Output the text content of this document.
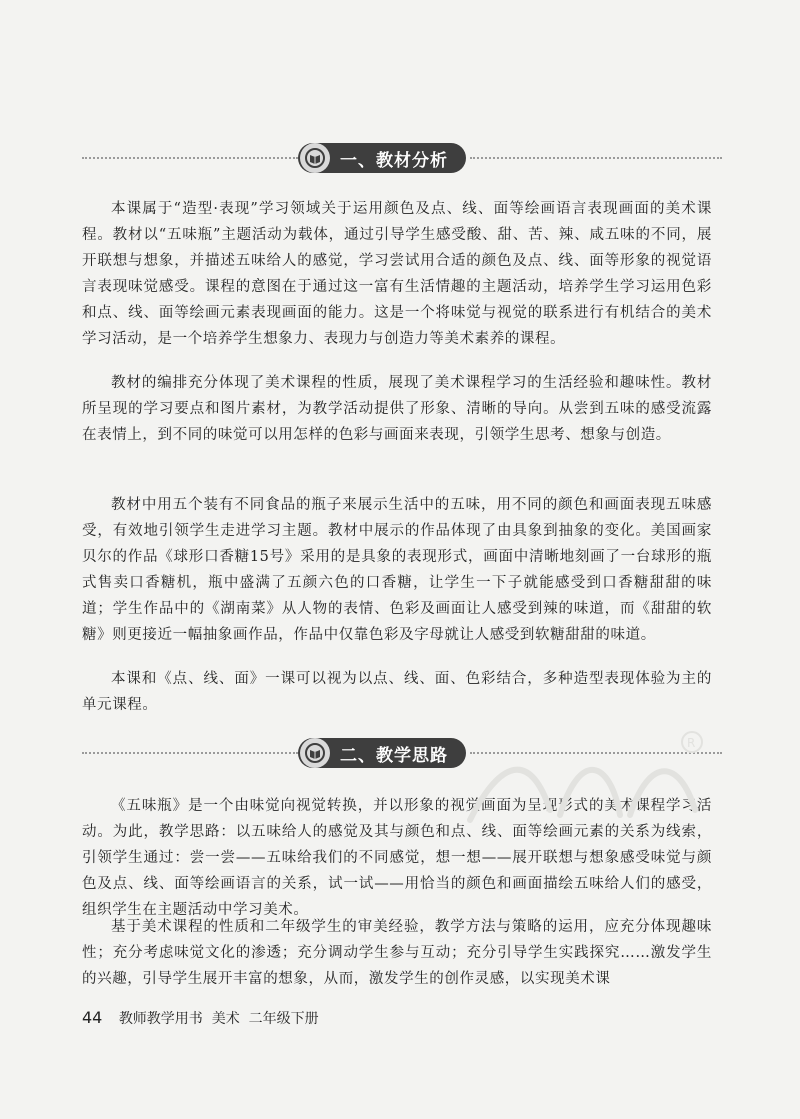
一、教材分析

本课属于“造型·表现”学习领域关于运用颜色及点、线、面等绘画语言表现画面的美术课程。教材以“五味瓶”主题活动为载体，通过引导学生感受酸、甜、苦、辣、咸五味的不同，展开联想与想象，并描述五味给人的感觉，学习尝试用合适的颜色及点、线、面等形象的视觉语言表现味觉感受。课程的意图在于通过这一富有生活情趣的主题活动，培养学生学习运用色彩和点、线、面等绘画元素表现画面的能力。这是一个将味觉与视觉的联系进行有机结合的美术学习活动，是一个培养学生想象力、表现力与创造力等美术素养的课程。

教材的编排充分体现了美术课程的性质，展现了美术课程学习的生活经验和趣味性。教材所呈现的学习要点和图片素材，为教学活动提供了形象、清晰的导向。从尝到五味的感受流露在表情上，到不同的味觉可以用怎样的色彩与画面来表现，引领学生思考、想象与创造。

教材中用五个装有不同食品的瓶子来展示生活中的五味，用不同的颜色和画面表现五味感受，有效地引领学生走进学习主题。教材中展示的作品体现了由具象到抽象的变化。美国画家贝尔的作品《球形口香糖15号》采用的是具象的表现形式，画面中清晰地刻画了一台球形的瓶式售卖口香糖机，瓶中盛满了五颜六色的口香糖，让学生一下子就能感受到口香糖甜甜的味道；学生作品中的《湖南菜》从人物的表情、色彩及画面让人感受到辣的味道，而《甜甜的软糖》则更接近一幅抽象画作品，作品中仅靠色彩及字母就让人感受到软糖甜甜的味道。

本课和《点、线、面》一课可以视为以点、线、面、色彩结合，多种造型表现体验为主的单元课程。

二、教学思路

《五味瓶》是一个由味觉向视觉转换，并以形象的视觉画面为呈现形式的美术课程学习活动。为此，教学思路：以五味给人的感觉及其与颜色和点、线、面等绘画元素的关系为线索，引领学生通过：尝一尝——五味给我们的不同感觉，想一想——展开联想与想象感受味觉与颜色及点、线、面等绘画语言的关系，试一试——用恰当的颜色和画面描绘五味给人们的感受，组织学生在主题活动中学习美术。

基于美术课程的性质和二年级学生的审美经验，教学方法与策略的运用，应充分体现趣味性；充分考虑味觉文化的渗透；充分调动学生参与互动；充分引导学生实践探究……激发学生的兴趣，引导学生展开丰富的想象，从而，激发学生的创作灵感，以实现美术课

R
44 教师教学用书  美术  二年级下册
